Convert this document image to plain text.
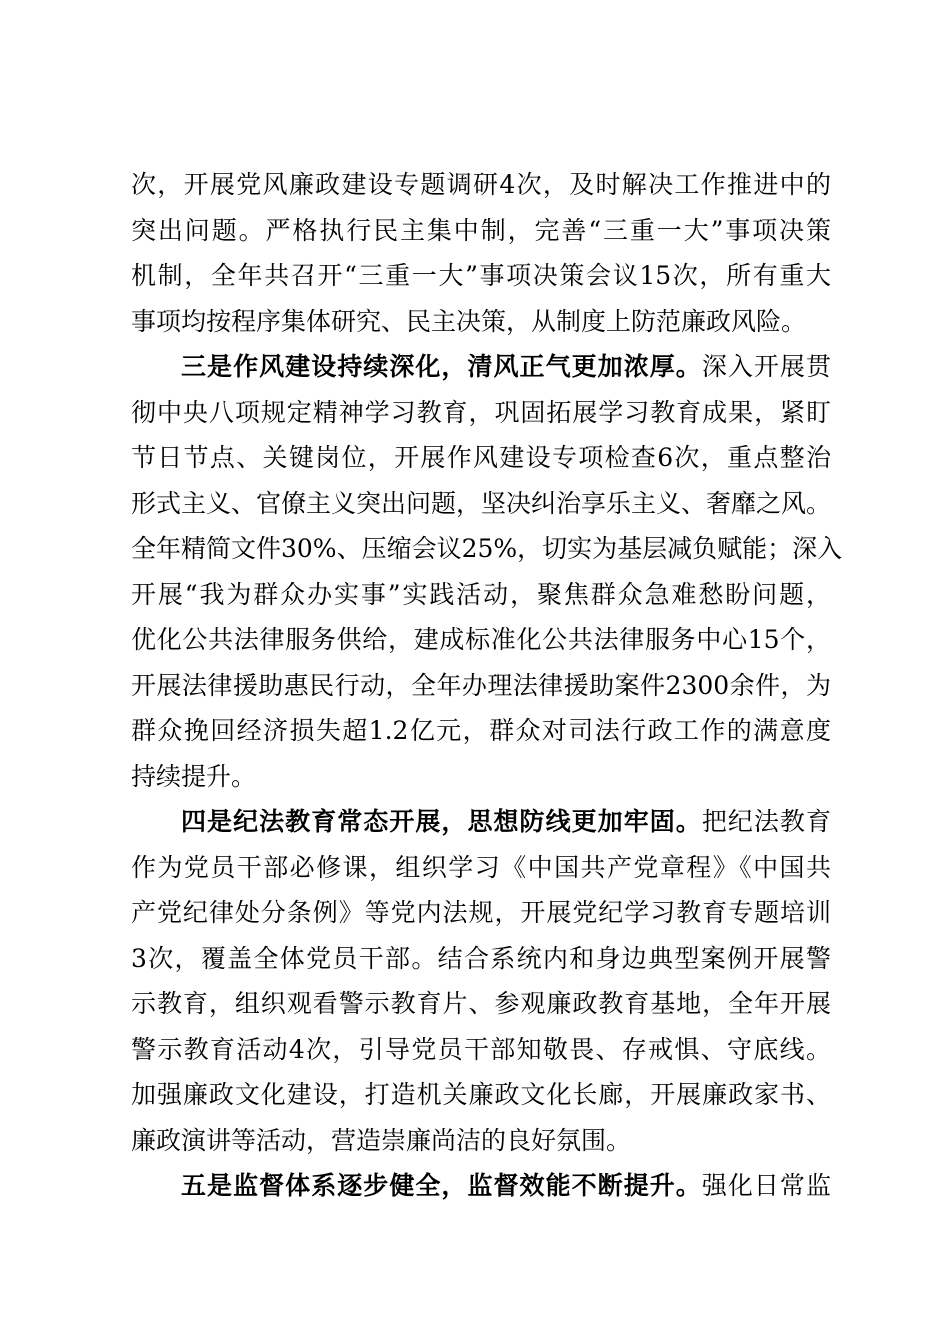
次，开展党风廉政建设专题调研4次，及时解决工作推进中的
突出问题。严格执行民主集中制，完善“三重一大”事项决策
机制，全年共召开“三重一大”事项决策会议15次，所有重大
事项均按程序集体研究、民主决策，从制度上防范廉政风险。
三是作风建设持续深化，清风正气更加浓厚。深入开展贯
彻中央八项规定精神学习教育，巩固拓展学习教育成果，紧盯
节日节点、关键岗位，开展作风建设专项检查6次，重点整治
形式主义、官僚主义突出问题，坚决纠治享乐主义、奢靡之风。
全年精简文件30%、压缩会议25%，切实为基层减负赋能；深入
开展“我为群众办实事”实践活动，聚焦群众急难愁盼问题，
优化公共法律服务供给，建成标准化公共法律服务中心15个，
开展法律援助惠民行动，全年办理法律援助案件2300余件，为
群众挽回经济损失超1.2亿元，群众对司法行政工作的满意度
持续提升。
四是纪法教育常态开展，思想防线更加牢固。把纪法教育
作为党员干部必修课，组织学习《中国共产党章程》《中国共
产党纪律处分条例》等党内法规，开展党纪学习教育专题培训
3次，覆盖全体党员干部。结合系统内和身边典型案例开展警
示教育，组织观看警示教育片、参观廉政教育基地，全年开展
警示教育活动4次，引导党员干部知敬畏、存戒惧、守底线。
加强廉政文化建设，打造机关廉政文化长廊，开展廉政家书、
廉政演讲等活动，营造崇廉尚洁的良好氛围。
五是监督体系逐步健全，监督效能不断提升。强化日常监
